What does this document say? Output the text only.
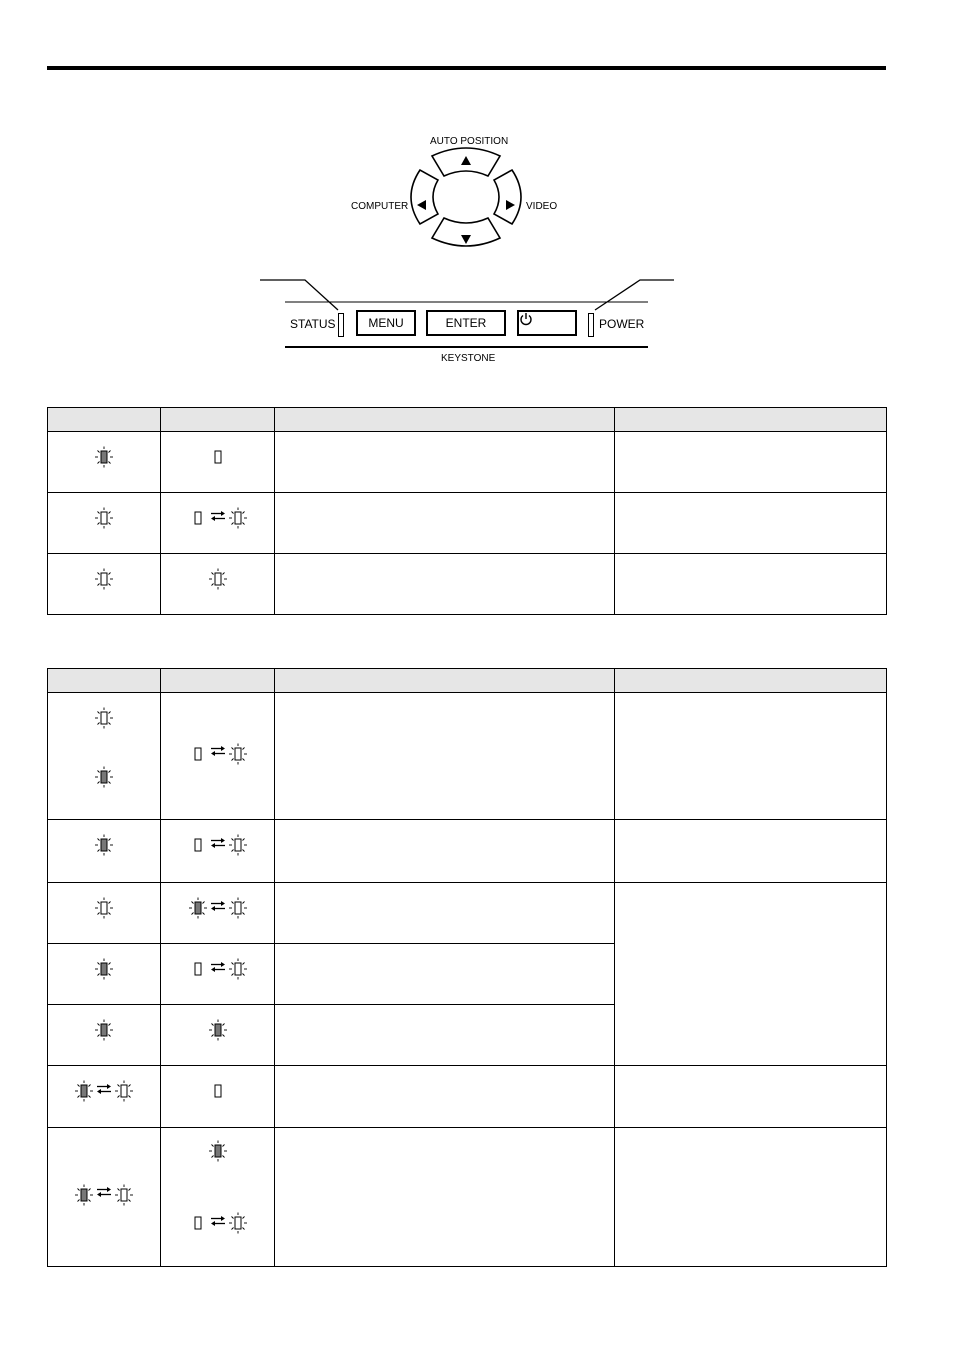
AUTO POSITION
COMPUTER	VIDEO
KEYSTONE
STATUS	MENU	ENTER	POWER
